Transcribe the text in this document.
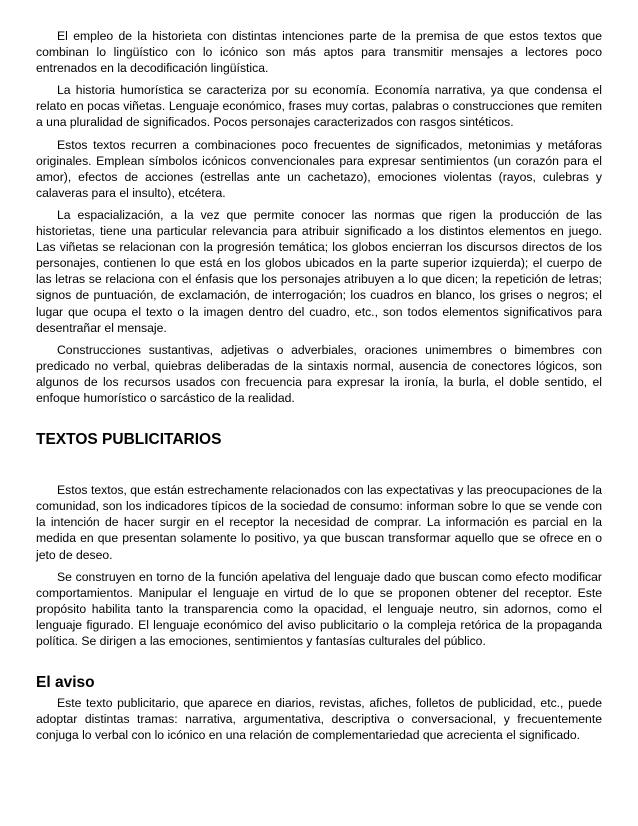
El empleo de la historieta con distintas intenciones parte de la premisa de que estos textos que combinan lo lingüístico con lo icónico son más aptos para transmitir mensajes a lectores poco entrenados en la decodificación lingüística.

La historia humorística se caracteriza por su economía. Economía narrativa, ya que condensa el relato en pocas viñetas. Lenguaje económico, frases muy cortas, palabras o construcciones que remiten a una pluralidad de significados. Pocos personajes caracterizados con rasgos sintéticos.

Estos textos recurren a combinaciones poco frecuentes de significados, metonimias y metáforas originales. Emplean símbolos icónicos convencionales para expresar sentimientos (un corazón para el amor), efectos de acciones (estrellas ante un cachetazo), emociones violentas (rayos, culebras y calaveras para el insulto), etcétera.

La espacialización, a la vez que permite conocer las normas que rigen la producción de las historietas, tiene una particular relevancia para atribuir significado a los distintos elementos en juego. Las viñetas se relacionan con la progresión temática; los globos encierran los discursos directos de los personajes, contienen lo que está en los globos ubicados en la parte superior izquierda); el cuerpo de las letras se relaciona con el énfasis que los personajes atribuyen a lo que dicen; la repetición de letras; signos de puntuación, de exclamación, de interrogación; los cuadros en blanco, los grises o negros; el lugar que ocupa el texto o la imagen dentro del cuadro, etc., son todos elementos significativos para desentrañar el mensaje.

Construcciones sustantivas, adjetivas o adverbiales, oraciones unimembres o bimembres con predicado no verbal, quiebras deliberadas de la sintaxis normal, ausencia de conectores lógicos, son algunos de los recursos usados con frecuencia para expresar la ironía, la burla, el doble sentido, el enfoque humorístico o sarcástico de la realidad.

TEXTOS PUBLICITARIOS

Estos textos, que están estrechamente relacionados con las expectativas y las preocupaciones de la comunidad, son los indicadores típicos de la sociedad de consumo: informan sobre lo que se vende con la intención de hacer surgir en el receptor la necesidad de comprar. La información es parcial en la medida en que presentan solamente lo positivo, ya que buscan transformar aquello que se ofrece en o jeto de deseo.

Se construyen en torno de la función apelativa del lenguaje dado que buscan como efecto modificar comportamientos. Manipular el lenguaje en virtud de lo que se proponen obtener del receptor. Este propósito habilita tanto la transparencia como la opacidad, el lenguaje neutro, sin adornos, como el lenguaje figurado. El lenguaje económico del aviso publicitario o la compleja retórica de la propaganda política. Se dirigen a las emociones, sentimientos y fantasías culturales del público.

El aviso

Este texto publicitario, que aparece en diarios, revistas, afiches, folletos de publicidad, etc., puede adoptar distintas tramas: narrativa, argumentativa, descriptiva o conversacional, y frecuentemente conjuga lo verbal con lo icónico en una relación de complementariedad que acrecienta el significado.
